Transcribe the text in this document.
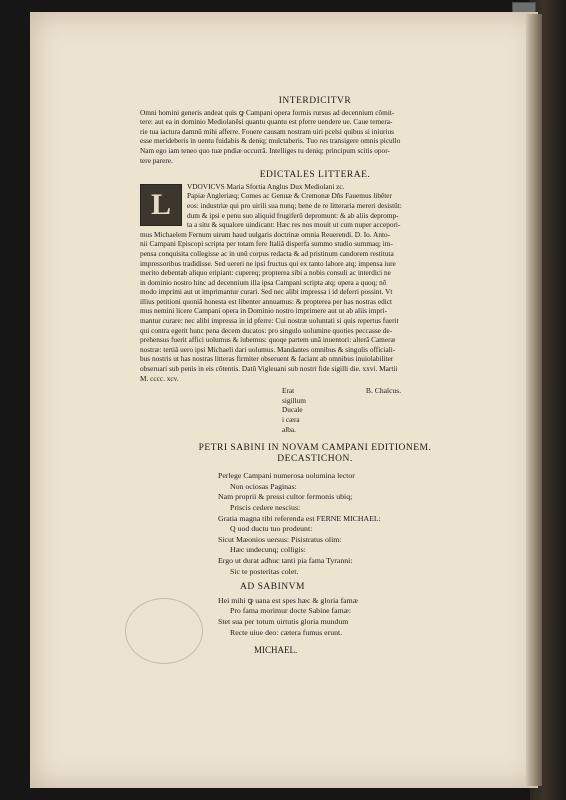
INTERDICITVR
Omni homini generis andeat quis ꝙ Campani opera formis rursus ad decennium cõmit-
tere: aut ea in dominio Mediolanẽsi quantu quantu est pferre uendere ue. Caue temera-
rie tua iactura damnũ mihi afferre. Fouere causam nostram uiri pcelsi quibus si iniurius
esse merideberis in uentu fuidabis & deniq; mulctaberis. Tuo res transigere omnis picullo
Nam ego iam teneo quo tuæ pndiæ occurrã. Intelliges tu deniq; principum scitis opor-
tere parere.
EDICTALES LITTERAE.
L
VDOVICVS Maria Sfortia Anglus Dux Mediolani zc.
Papiæ Angleriæq; Comes ac Genuæ & Cremonæ Dñs Fauemus libẽter
eos: industriæ qui pro uirili sua nunq; bene de re litteraria mereri desistũt:
dum & ipsi e penu suo aliquid frugiferũ depromunt: & ab aliis depromp-
ta a situ & squalore uindicant: Hæc res nos mouit ut cum nuper accepori-
mus Michaelem Fernum uirum haud uulgaris doctrinæ omnia Reuerendi. D. Io. Anto-
nii Campani Episcopi scripta per totam fere Italiã disperfa summo studio summaq; im-
pensa conquisita collegisse ac in unũ corpus redacta & ad pristinum candorem restituta
impressoribus tradidisse. Sed uereri ne ipsi fructus qui ex tanto labore atq; impensa iure
merito debentab aliquo eripiant: cupereq; propterea sibi a nobis consuli ac interdici ne
in dominio nostro hinc ad decennium illa ipsa Campani scripta atq; opera a quoq; nõ
modo imprimi aut ut imprimantur curari. Sed nec alibi impressa i id deferri possint. Vt
illius petitioni quoniã honesta est libenter annuamus: & propterea per has nostras edict
mus nemini licere Campani opera in Dominio nostro imprimere aut ut ab aliis impri-
mantur curare: nec alibi impressa in id pferre: Cui nostræ uoluntati si quis repertus fuerit
qui contra egerit hunc pena decem ducatos: pro singulo uolumine quoties peccasse de-
prehensus fuerit affici uolumus & iubemus: quoqe partem unã inuentori: alterã Cameræ
nostræ: tertiã uero ipsi Michaeli dari uolumus. Mandantes omnibus & singulis officiali-
bus nostris ut has nostras litteras firmiter obseruent & faciant ab omnibus inuiolabiliter
obseruari sub penis in eis cõtentis. Datũ Vigleuani sub nostri fide sigilli die. xxvi. Martii
M. cccc. xcv.
Erat
sigillum
Ducale
i cæra
alba.
B. Chalcus.
PETRI SABINI IN NOVAM CAMPANI EDITIONEM.
DECASTICHON.
Perlege Campani numerosa uolumina lector
Non ociosas Paginas:
Nam proprii & pressi cultor fermonis ubiq;
Priscis cedere nescius:
Gratia magna tibi referenda est FERNE MICHAEL:
Q uod ductu tuo prodeunt:
Sicut Mæonios uersus: Pisistratus olim:
Hæc undecunq; colligis:
Ergo ut durat adhuc tanti pia fama Tyranni:
Sic te posteritas colet.
AD SABINVM
Hei mihi ꝙ uana est spes hæc & gloria famæ
Pro fama morimur docte Sabine famæ:
Stet sua per totum uirtutis gloria mundum
Recte uiue deo: cætera fumus erunt.
MICHAEL.
